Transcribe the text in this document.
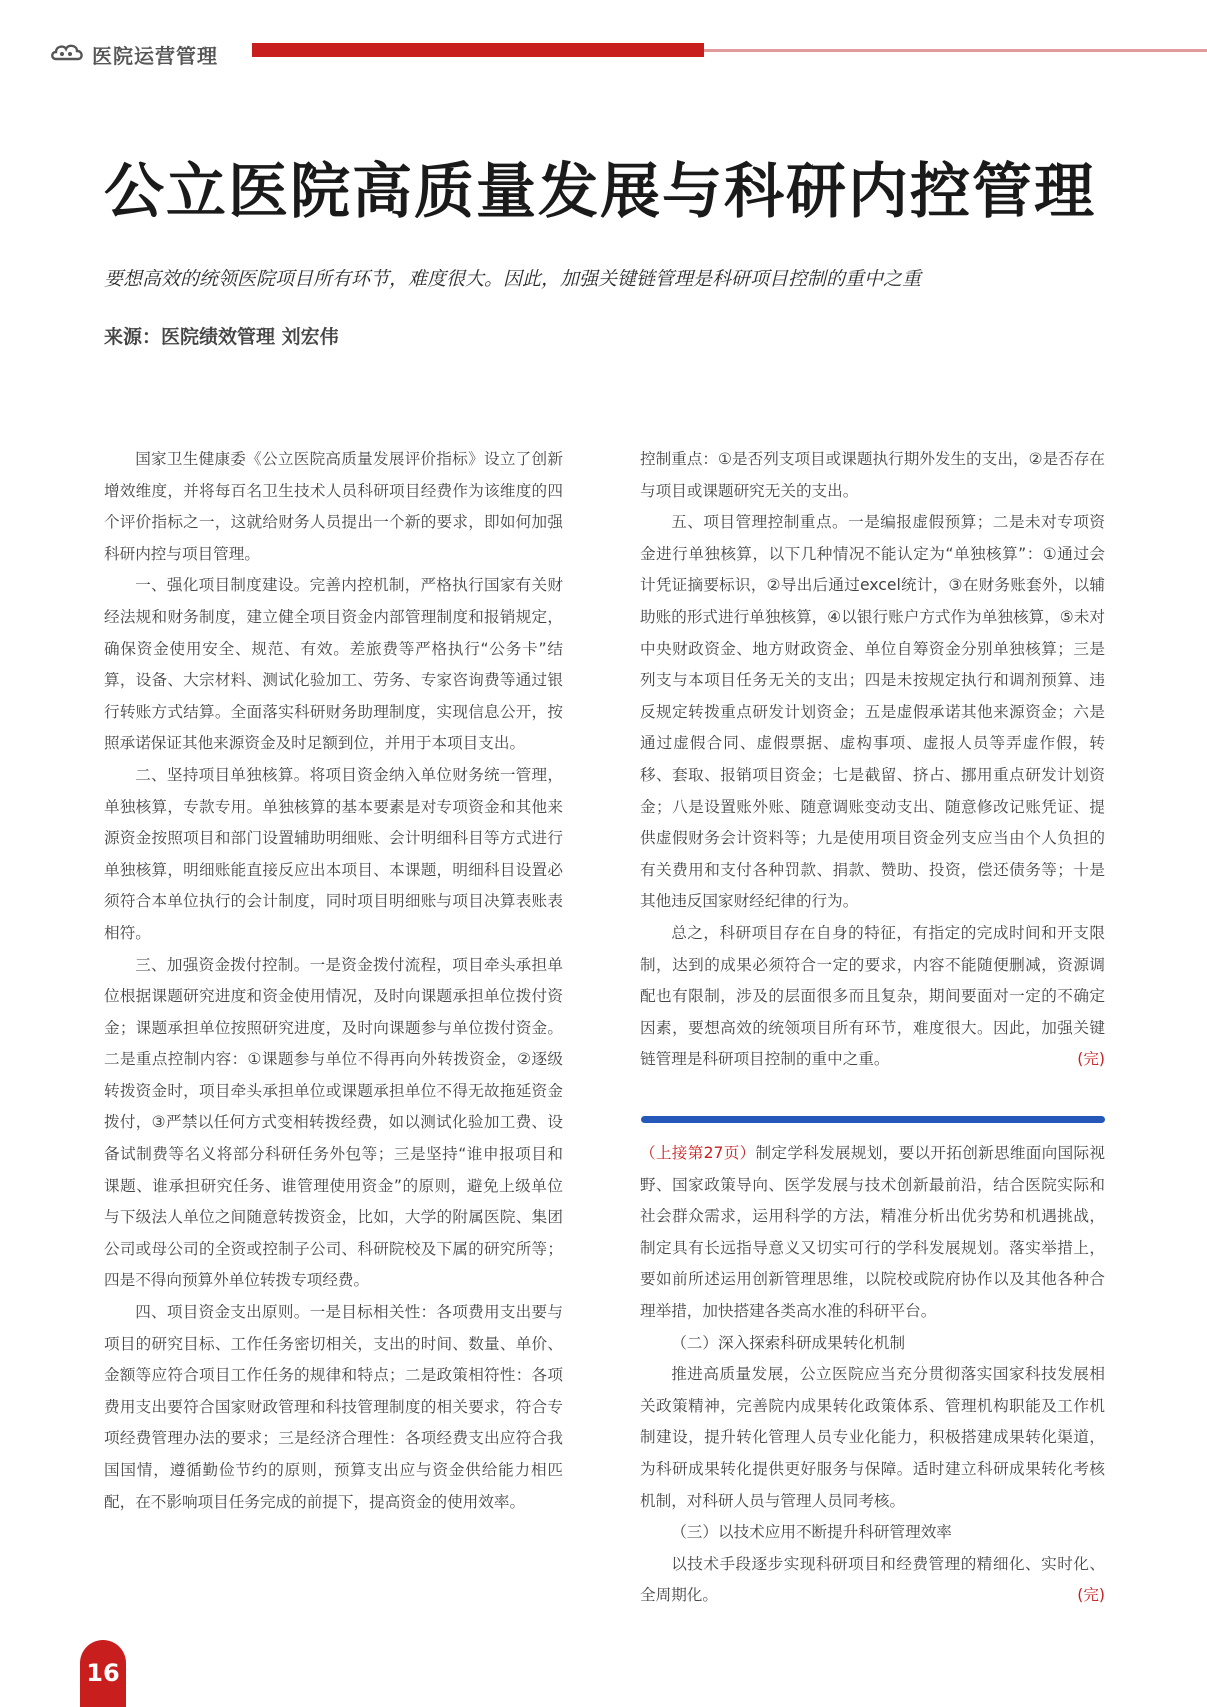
医院运营管理
公立医院高质量发展与科研内控管理
要想高效的统领医院项目所有环节，难度很大。因此，加强关键链管理是科研项目控制的重中之重
来源：医院绩效管理 刘宏伟

国家卫生健康委《公立医院高质量发展评价指标》设立了创新增效维度，并将每百名卫生技术人员科研项目经费作为该维度的四个评价指标之一，这就给财务人员提出一个新的要求，即如何加强科研内控与项目管理。

一、强化项目制度建设。完善内控机制，严格执行国家有关财经法规和财务制度，建立健全项目资金内部管理制度和报销规定，确保资金使用安全、规范、有效。差旅费等严格执行“公务卡”结算，设备、大宗材料、测试化验加工、劳务、专家咨询费等通过银行转账方式结算。全面落实科研财务助理制度，实现信息公开，按照承诺保证其他来源资金及时足额到位，并用于本项目支出。

二、坚持项目单独核算。将项目资金纳入单位财务统一管理，单独核算，专款专用。单独核算的基本要素是对专项资金和其他来源资金按照项目和部门设置辅助明细账、会计明细科目等方式进行单独核算，明细账能直接反应出本项目、本课题，明细科目设置必须符合本单位执行的会计制度，同时项目明细账与项目决算表账表相符。

三、加强资金拨付控制。一是资金拨付流程，项目牵头承担单位根据课题研究进度和资金使用情况，及时向课题承担单位拨付资金；课题承担单位按照研究进度，及时向课题参与单位拨付资金。二是重点控制内容：①课题参与单位不得再向外转拨资金，②逐级转拨资金时，项目牵头承担单位或课题承担单位不得无故拖延资金拨付，③严禁以任何方式变相转拨经费，如以测试化验加工费、设备试制费等名义将部分科研任务外包等；三是坚持“谁申报项目和课题、谁承担研究任务、谁管理使用资金”的原则，避免上级单位与下级法人单位之间随意转拨资金，比如，大学的附属医院、集团公司或母公司的全资或控制子公司、科研院校及下属的研究所等；四是不得向预算外单位转拨专项经费。

四、项目资金支出原则。一是目标相关性：各项费用支出要与项目的研究目标、工作任务密切相关，支出的时间、数量、单价、金额等应符合项目工作任务的规律和特点；二是政策相符性：各项费用支出要符合国家财政管理和科技管理制度的相关要求，符合专项经费管理办法的要求；三是经济合理性：各项经费支出应符合我国国情，遵循勤俭节约的原则，预算支出应与资金供给能力相匹配，在不影响项目任务完成的前提下，提高资金的使用效率。

控制重点：①是否列支项目或课题执行期外发生的支出，②是否存在与项目或课题研究无关的支出。

五、项目管理控制重点。一是编报虚假预算；二是未对专项资金进行单独核算，以下几种情况不能认定为“单独核算”：①通过会计凭证摘要标识，②导出后通过excel统计，③在财务账套外，以辅助账的形式进行单独核算，④以银行账户方式作为单独核算，⑤未对中央财政资金、地方财政资金、单位自筹资金分别单独核算；三是列支与本项目任务无关的支出；四是未按规定执行和调剂预算、违反规定转拨重点研发计划资金；五是虚假承诺其他来源资金；六是通过虚假合同、虚假票据、虚构事项、虚报人员等弄虚作假，转移、套取、报销项目资金；七是截留、挤占、挪用重点研发计划资金；八是设置账外账、随意调账变动支出、随意修改记账凭证、提供虚假财务会计资料等；九是使用项目资金列支应当由个人负担的有关费用和支付各种罚款、捐款、赞助、投资，偿还债务等；十是其他违反国家财经纪律的行为。

总之，科研项目存在自身的特征，有指定的完成时间和开支限制，达到的成果必须符合一定的要求，内容不能随便删减，资源调配也有限制，涉及的层面很多而且复杂，期间要面对一定的不确定因素，要想高效的统领项目所有环节，难度很大。因此，加强关键链管理是科研项目控制的重中之重。	(完)

（上接第27页）制定学科发展规划，要以开拓创新思维面向国际视野、国家政策导向、医学发展与技术创新最前沿，结合医院实际和社会群众需求，运用科学的方法，精准分析出优劣势和机遇挑战，制定具有长远指导意义又切实可行的学科发展规划。落实举措上，要如前所述运用创新管理思维，以院校或院府协作以及其他各种合理举措，加快搭建各类高水准的科研平台。

（二）深入探索科研成果转化机制

推进高质量发展，公立医院应当充分贯彻落实国家科技发展相关政策精神，完善院内成果转化政策体系、管理机构职能及工作机制建设，提升转化管理人员专业化能力，积极搭建成果转化渠道，为科研成果转化提供更好服务与保障。适时建立科研成果转化考核机制，对科研人员与管理人员同考核。

（三）以技术应用不断提升科研管理效率

以技术手段逐步实现科研项目和经费管理的精细化、实时化、全周期化。	(完)

会计思维
16
